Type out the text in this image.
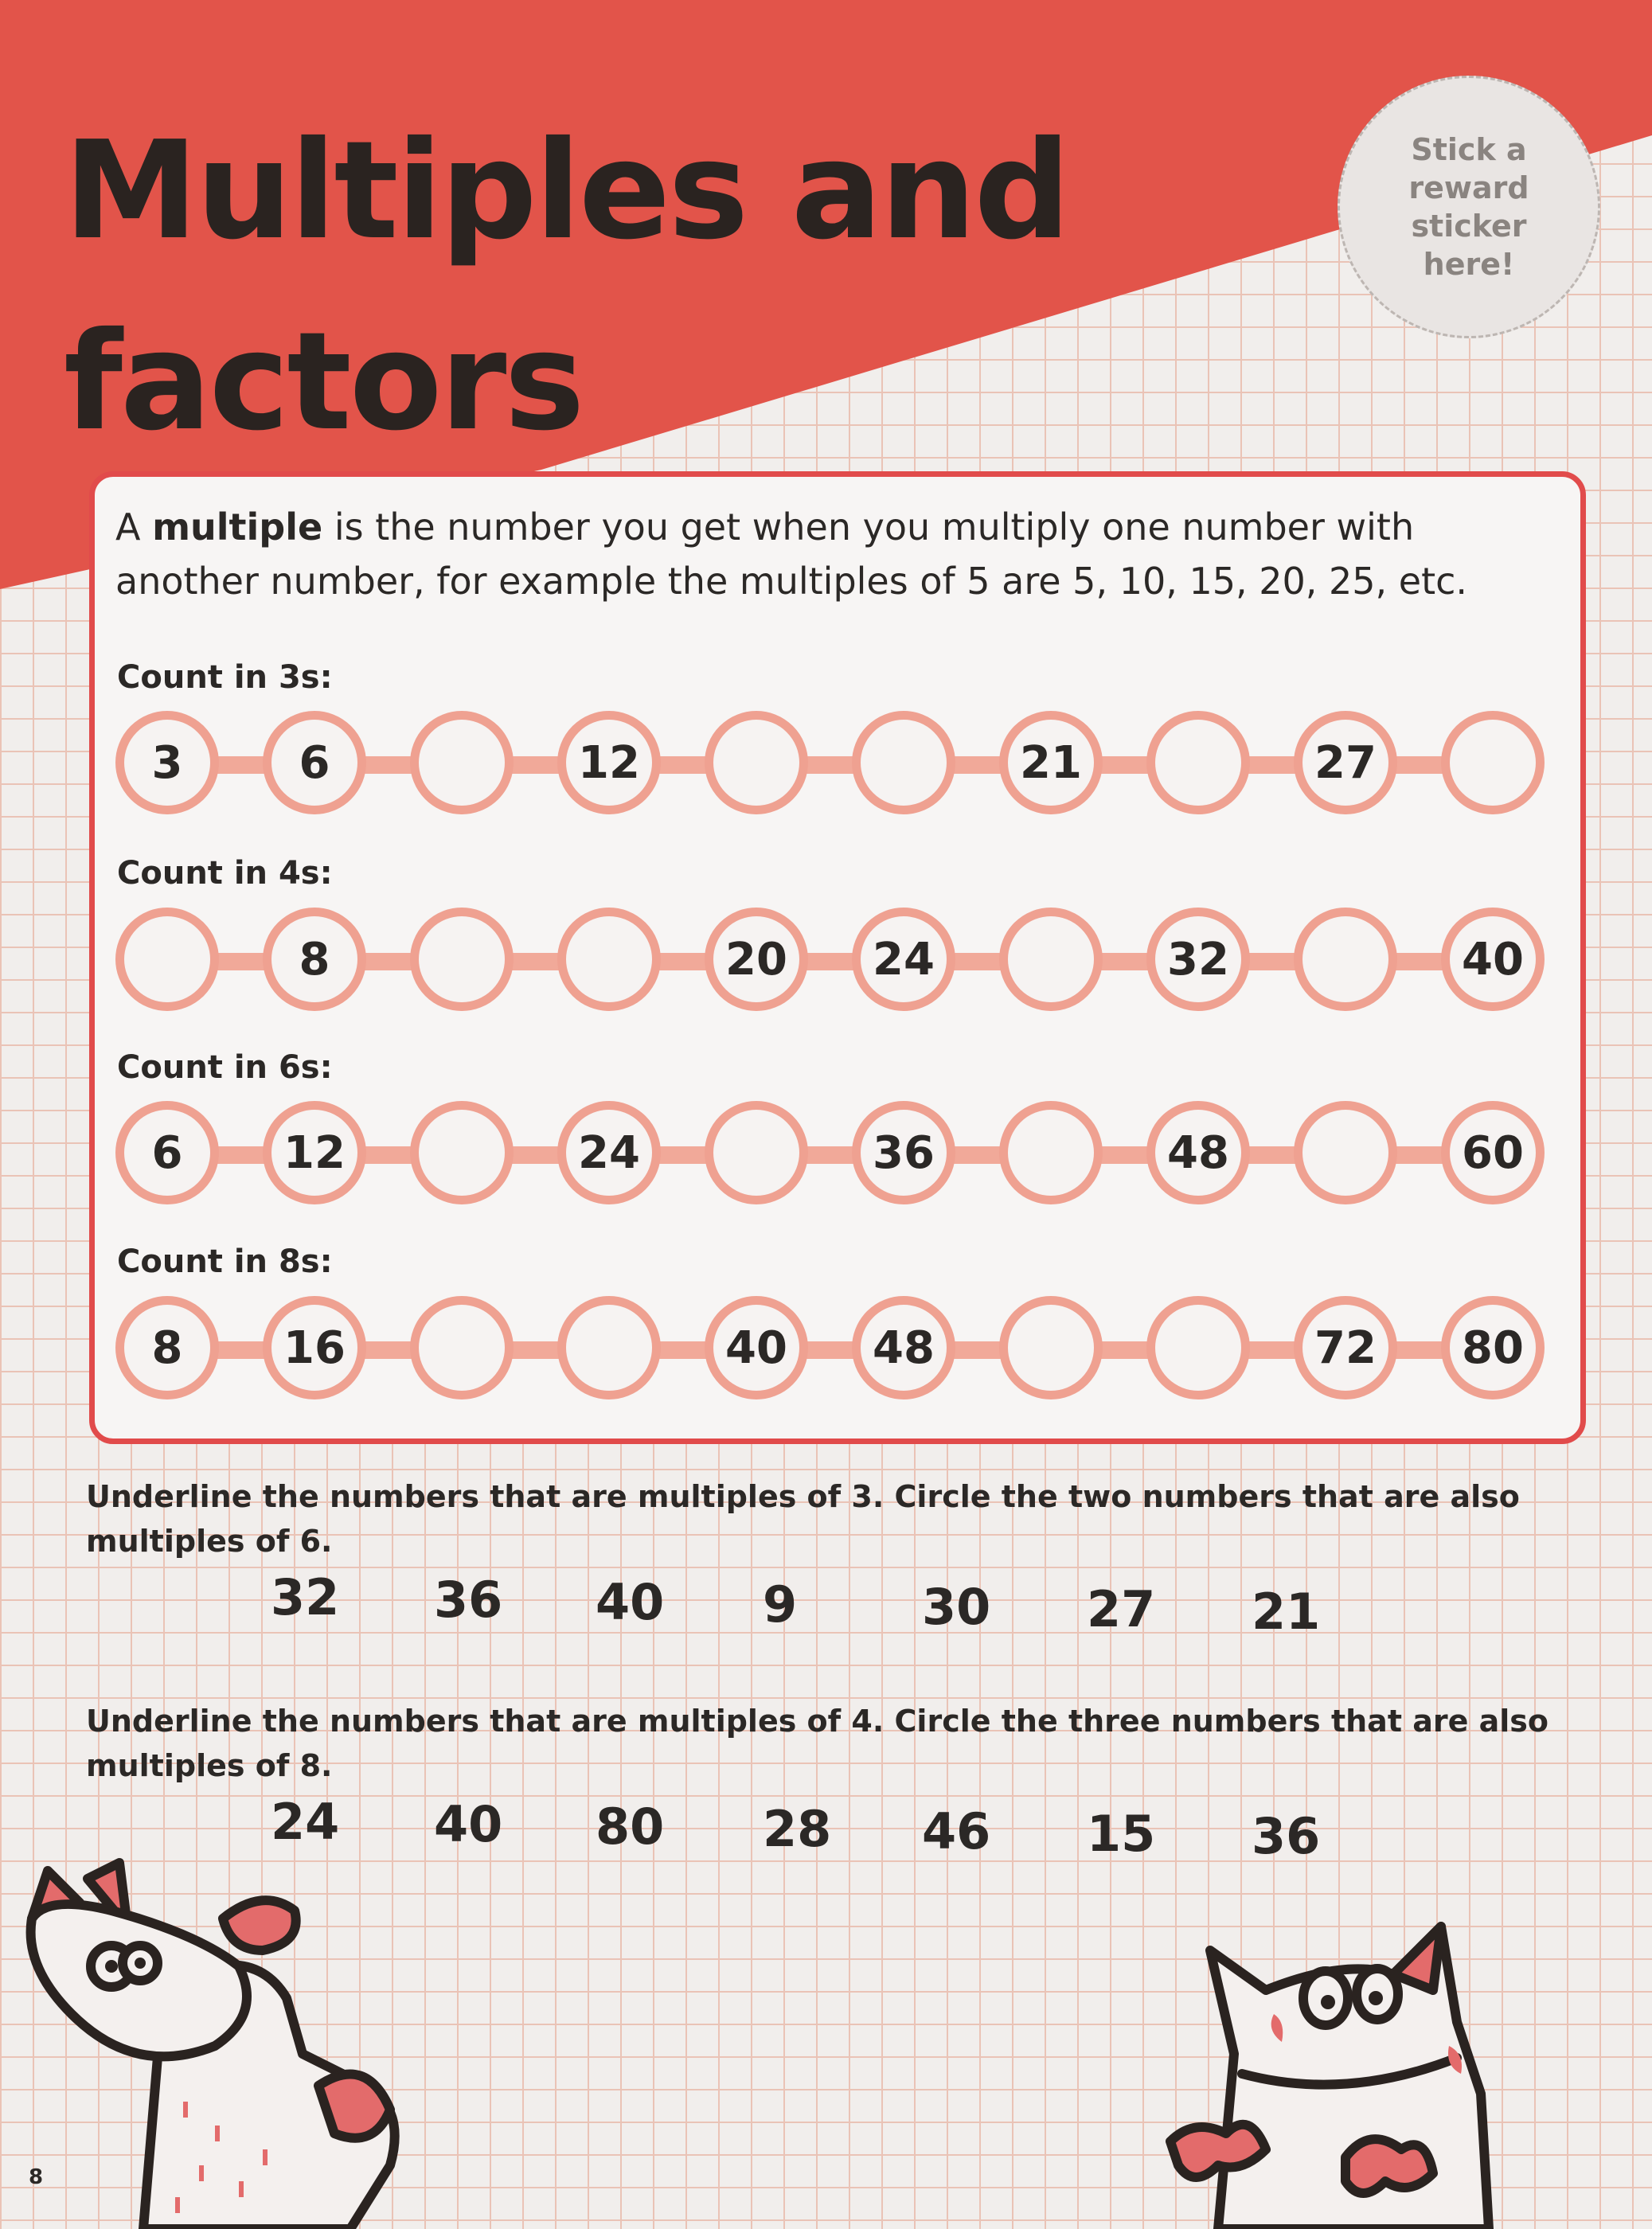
Multiples and
factors
Stick a reward sticker here!

A multiple is the number you get when you multiply one number with another number, for example the multiples of 5 are 5, 10, 15, 20, 25, etc.

Count in 3s:

3	6	12	21	27

Count in 4s:

8	20	24	32	40

Count in 6s:

6	12	24	36	48	60

Count in 8s:

8	16	40	48	72	80

Underline the numbers that are multiples of 3. Circle the two numbers that are also multiples of 6.

32 36 40 9	30 27 21

Underline the numbers that are multiples of 4. Circle the three numbers that are also multiples of 8.

24 40 80 28 46 15 36
8
